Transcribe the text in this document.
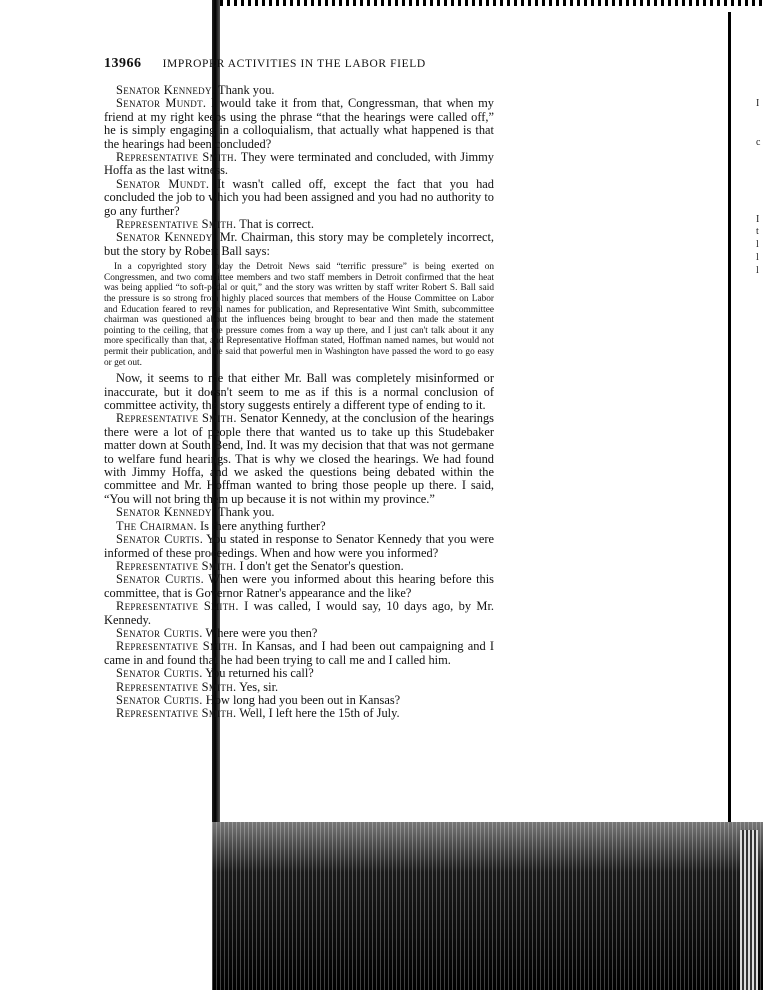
I
c
I
t
l
l
l
13966 IMPROPER ACTIVITIES IN THE LABOR FIELD

Senator Kennedy. Thank you.

Senator Mundt. I would take it from that, Congressman, that when my friend at my right keeps using the phrase “that the hearings were called off,” he is simply engaging in a colloquialism, that actually what happened is that the hearings had been concluded?

Representative Smith. They were terminated and concluded, with Jimmy Hoffa as the last witness.

Senator Mundt. It wasn't called off, except the fact that you had concluded the job to which you had been assigned and you had no authority to go any further?

Representative Smith. That is correct.

Senator Kennedy. Mr. Chairman, this story may be completely incorrect, but the story by Robert Ball says:

In a copyrighted story today the Detroit News said “terrific pressure” is being exerted on Congressmen, and two committee members and two staff members in Detroit confirmed that the heat was being applied “to soft-pedal or quit,” and the story was written by staff writer Robert S. Ball said the pressure is so strong from highly placed sources that members of the House Committee on Labor and Education feared to reveal names for publication, and Representative Wint Smith, subcommittee chairman was questioned about the influences being brought to bear and then made the statement pointing to the ceiling, that the pressure comes from a way up there, and I just can't talk about it any more specifically than that, and Representative Hoffman stated, Hoffman named names, but would not permit their publication, and he said that powerful men in Washington have passed the word to go easy or get out.

Now, it seems to me that either Mr. Ball was completely misinformed or inaccurate, but it doesn't seem to me as if this is a normal conclusion of committee activity, the story suggests entirely a different type of ending to it.

Representative Smith. Senator Kennedy, at the conclusion of the hearings there were a lot of people there that wanted us to take up this Studebaker matter down at South Bend, Ind. It was my decision that that was not germane to welfare fund hearings. That is why we closed the hearings. We had found with Jimmy Hoffa, and we asked the questions being debated within the committee and Mr. Hoffman wanted to bring those people up there. I said, “You will not bring them up because it is not within my province.”

Senator Kennedy. Thank you.

The Chairman. Is there anything further?

Senator Curtis. You stated in response to Senator Kennedy that you were informed of these proceedings. When and how were you informed?

Representative Smith. I don't get the Senator's question.

Senator Curtis. When were you informed about this hearing before this committee, that is Governor Ratner's appearance and the like?

Representative Smith. I was called, I would say, 10 days ago, by Mr. Kennedy.

Senator Curtis. Where were you then?

Representative Smith. In Kansas, and I had been out campaigning and I came in and found that he had been trying to call me and I called him.

Senator Curtis. You returned his call?

Representative Smith. Yes, sir.

Senator Curtis. How long had you been out in Kansas?

Representative Smith. Well, I left here the 15th of July.
